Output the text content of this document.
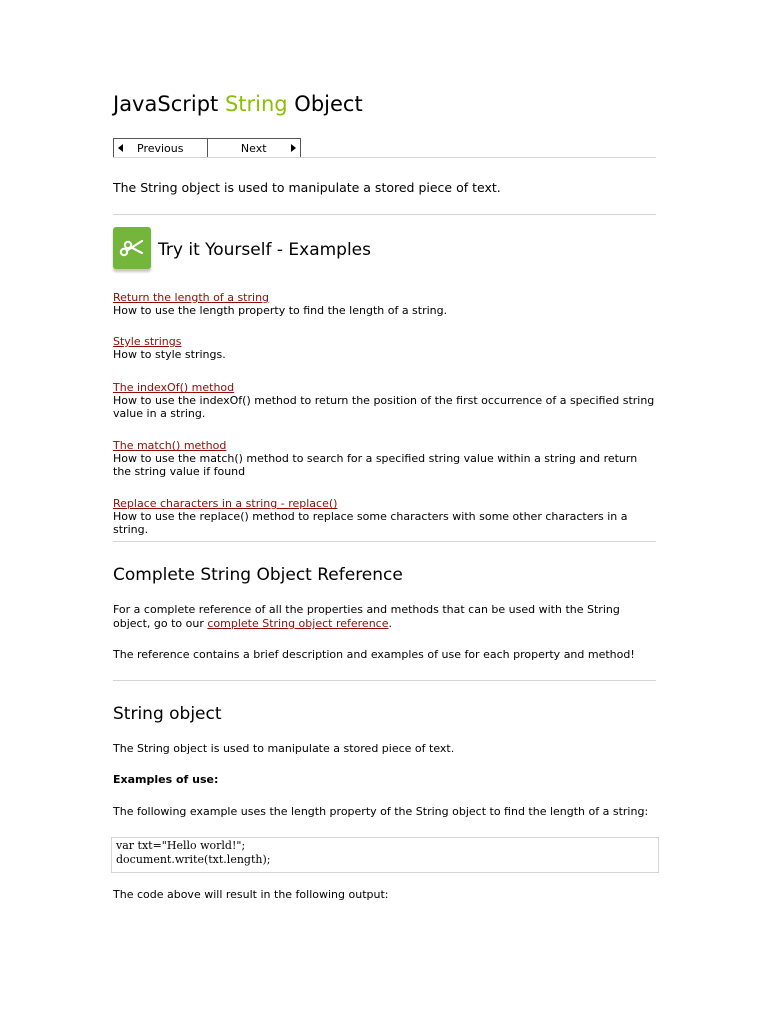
JavaScript String Object
Previous	Next
The String object is used to manipulate a stored piece of text.
Try it Yourself - Examples
Return the length of a string
How to use the length property to find the length of a string.
Style strings
How to style strings.
The indexOf() method
How to use the indexOf() method to return the position of the first occurrence of a specified string value in a string.
The match() method
How to use the match() method to search for a specified string value within a string and return the string value if found
Replace characters in a string - replace()
How to use the replace() method to replace some characters with some other characters in a string.
Complete String Object Reference
For a complete reference of all the properties and methods that can be used with the String object, go to our complete String object reference.
The reference contains a brief description and examples of use for each property and method!
String object
The String object is used to manipulate a stored piece of text.
Examples of use:
The following example uses the length property of the String object to find the length of a string:
var txt="Hello world!";
document.write(txt.length);
The code above will result in the following output:
